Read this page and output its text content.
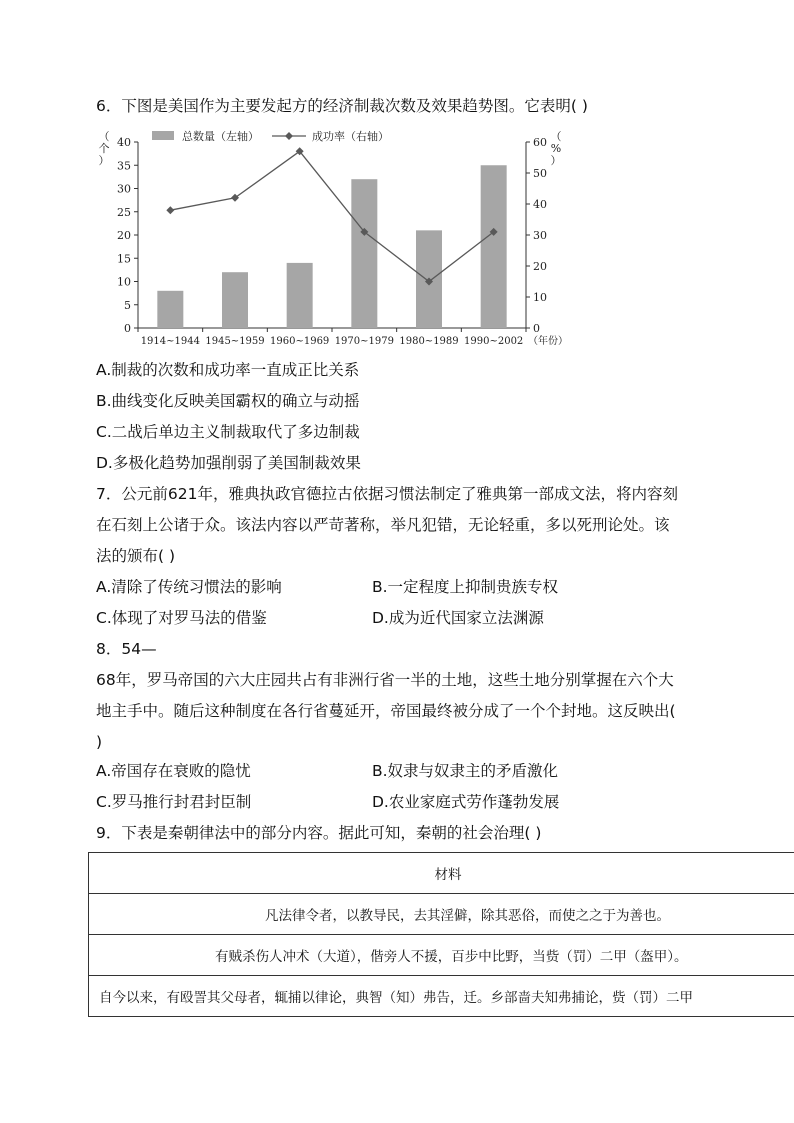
6．下图是美国作为主要发起方的经济制裁次数及效果趋势图。它表明( )
总数量（左轴）	成功率（右轴）
（
个
）
（
%
）
0
5
10
15
20
25
30
35
40
0
10
20
30
40
50
60
1914~1944 1945~1959 1960~1969 1970~1979 1980~1989 1990~2002 （年份）
A.制裁的次数和成功率一直成正比关系
B.曲线变化反映美国霸权的确立与动摇
C.二战后单边主义制裁取代了多边制裁
D.多极化趋势加强削弱了美国制裁效果
7．公元前621年，雅典执政官德拉古依据习惯法制定了雅典第一部成文法，将内容刻
在石刻上公诸于众。该法内容以严苛著称，举凡犯错，无论轻重，多以死刑论处。该
法的颁布( )
A.清除了传统习惯法的影响	B.一定程度上抑制贵族专权
C.体现了对罗马法的借鉴	D.成为近代国家立法渊源
8．54—
68年，罗马帝国的六大庄园共占有非洲行省一半的土地，这些土地分别掌握在六个大
地主手中。随后这种制度在各行省蔓延开，帝国最终被分成了一个个封地。这反映出(
)
A.帝国存在衰败的隐忧	B.奴隶与奴隶主的矛盾激化
C.罗马推行封君封臣制	D.农业家庭式劳作蓬勃发展
9．下表是秦朝律法中的部分内容。据此可知，秦朝的社会治理( )
材料
凡法律令者，以教导民，去其淫僻，除其恶俗，而使之之于为善也。
有贼杀伤人冲术（大道），偕旁人不援，百步中比野，当赀（罚）二甲（盔甲）。
自今以来，有殴詈其父母者，辄捕以律论，典智（知）弗告，迁。乡部啬夫知弗捕论，赀（罚）二甲
